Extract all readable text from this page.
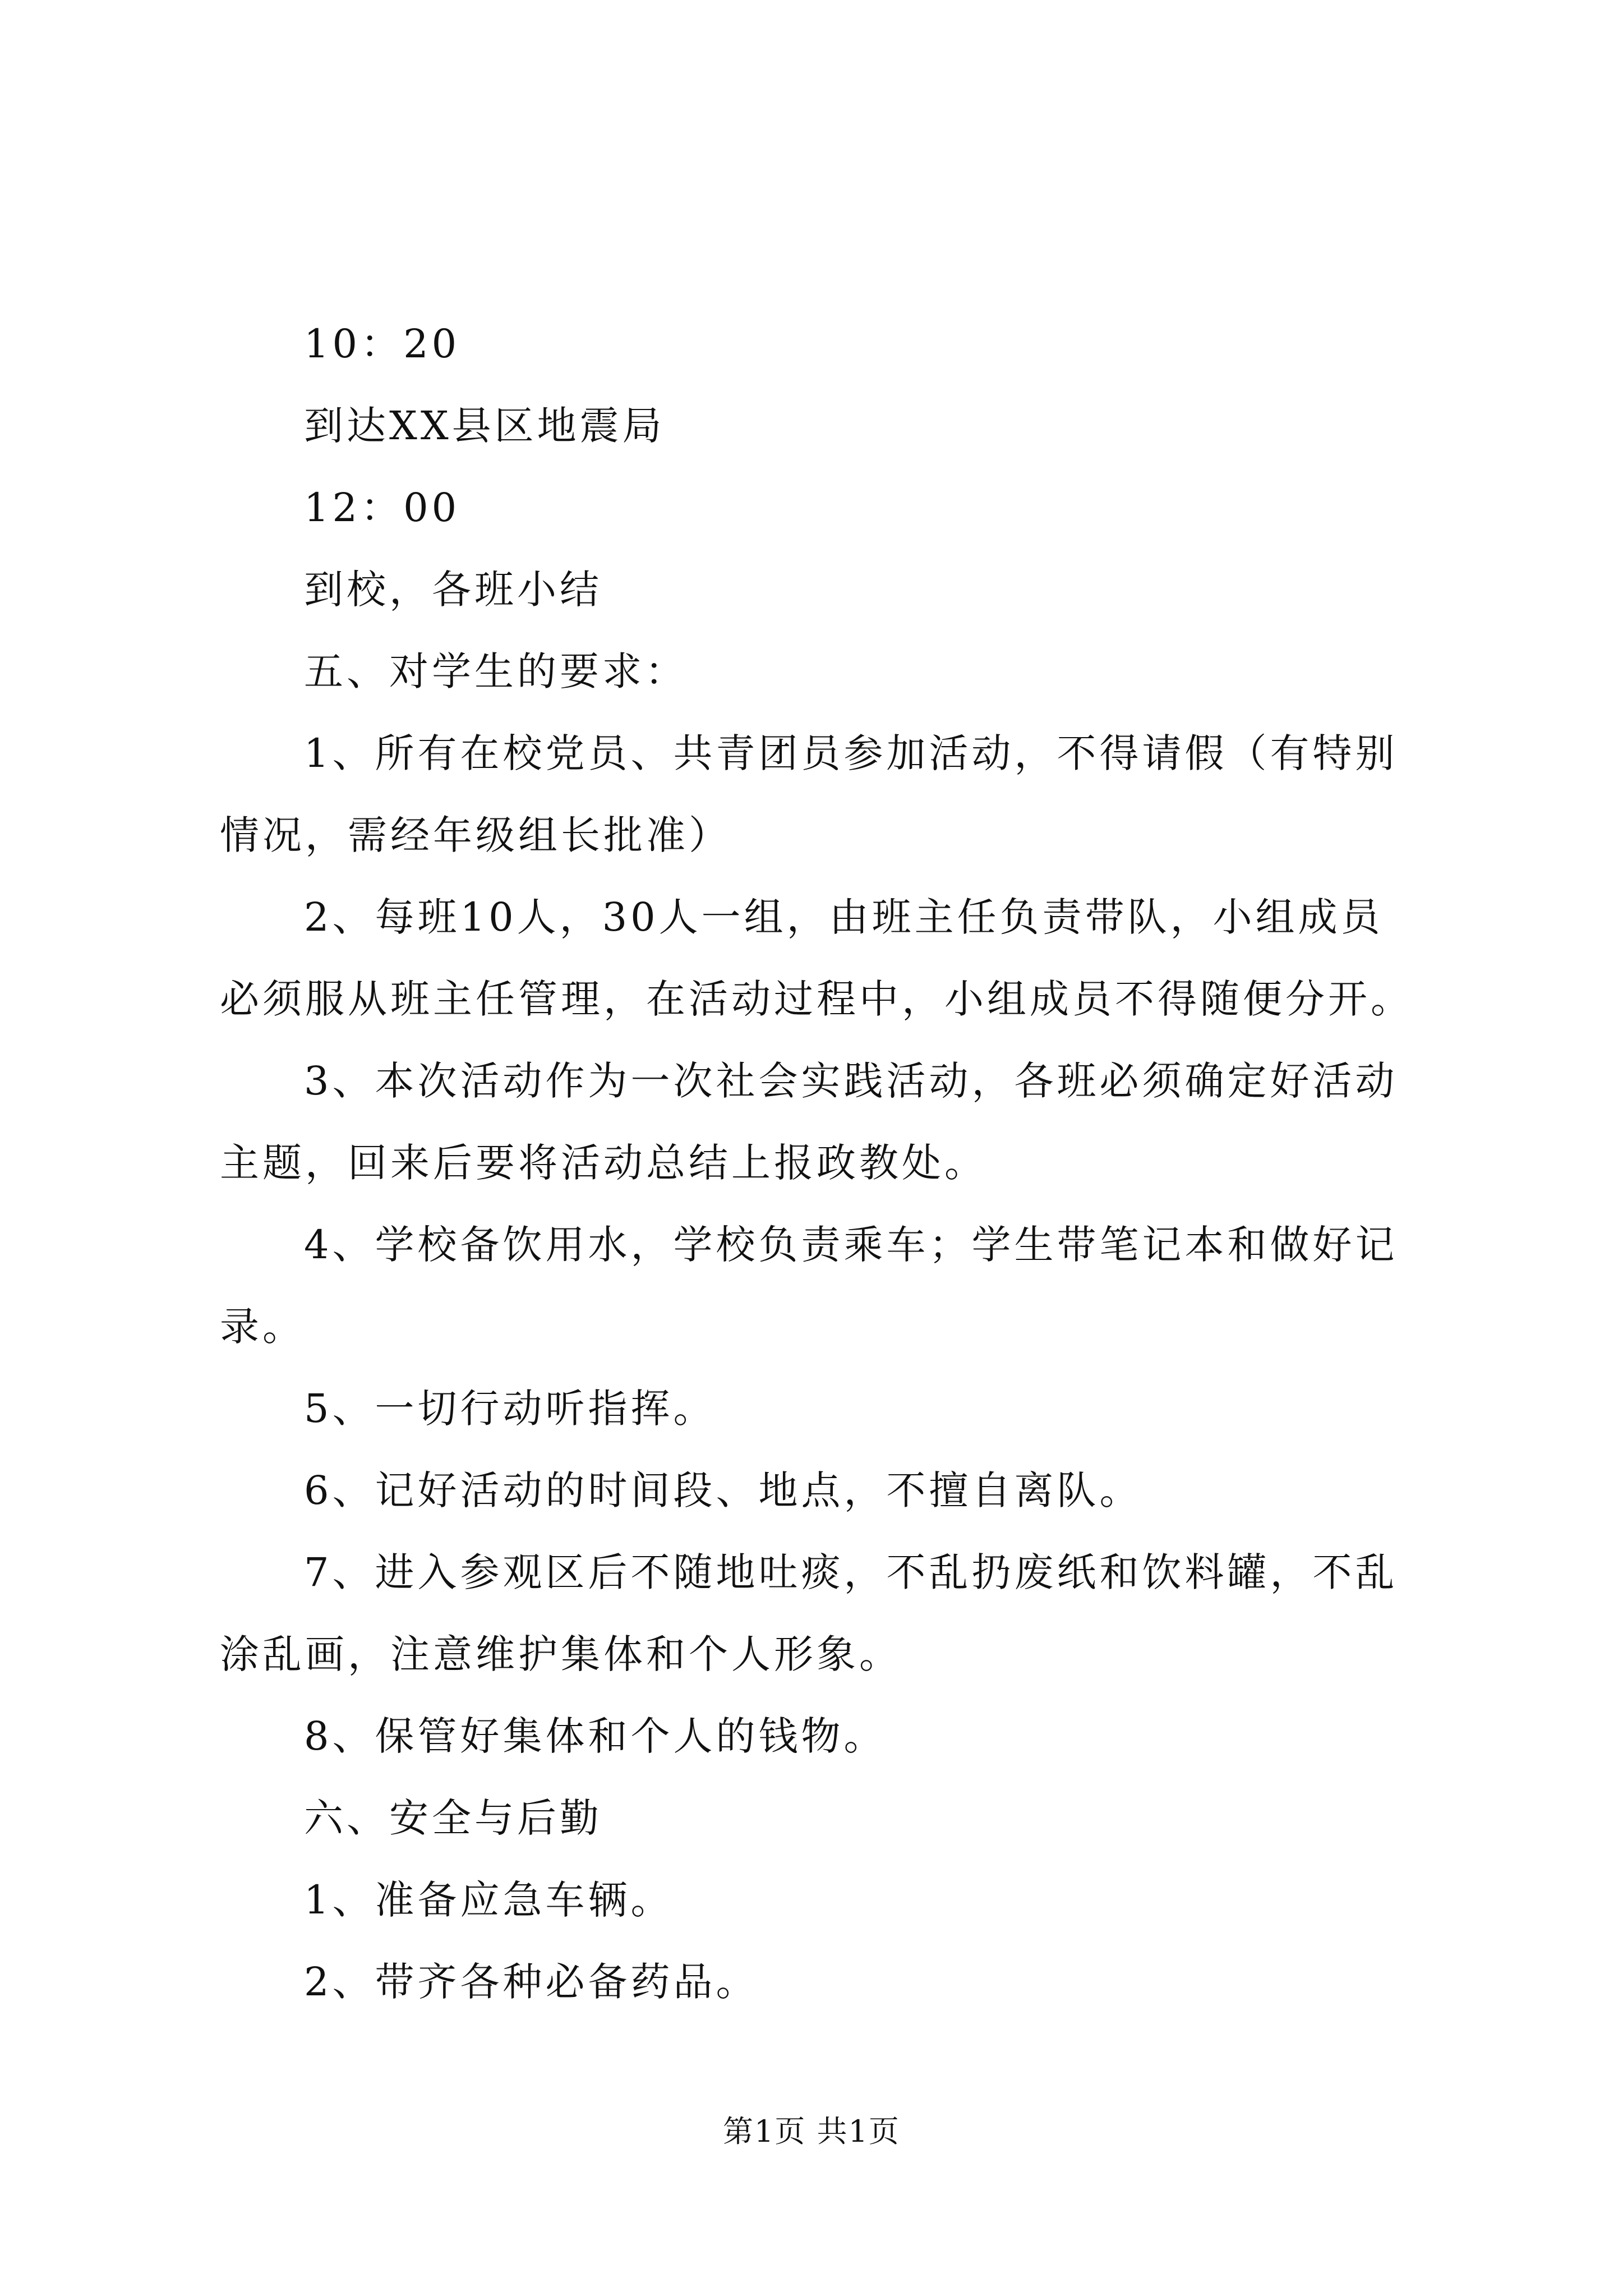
10：20

到达XX县区地震局

12：00

到校，各班小结

五、对学生的要求：

1、所有在校党员、共青团员参加活动，不得请假（有特别情况，需经年级组长批准）

2、每班10人，30人一组，由班主任负责带队，小组成员必须服从班主任管理，在活动过程中，小组成员不得随便分开。

3、本次活动作为一次社会实践活动，各班必须确定好活动主题，回来后要将活动总结上报政教处。

4、学校备饮用水，学校负责乘车；学生带笔记本和做好记录。

5、一切行动听指挥。

6、记好活动的时间段、地点，不擅自离队。

7、进入参观区后不随地吐痰，不乱扔废纸和饮料罐，不乱涂乱画，注意维护集体和个人形象。

8、保管好集体和个人的钱物。

六、安全与后勤

1、准备应急车辆。

2、带齐各种必备药品。

第1页 共1页
